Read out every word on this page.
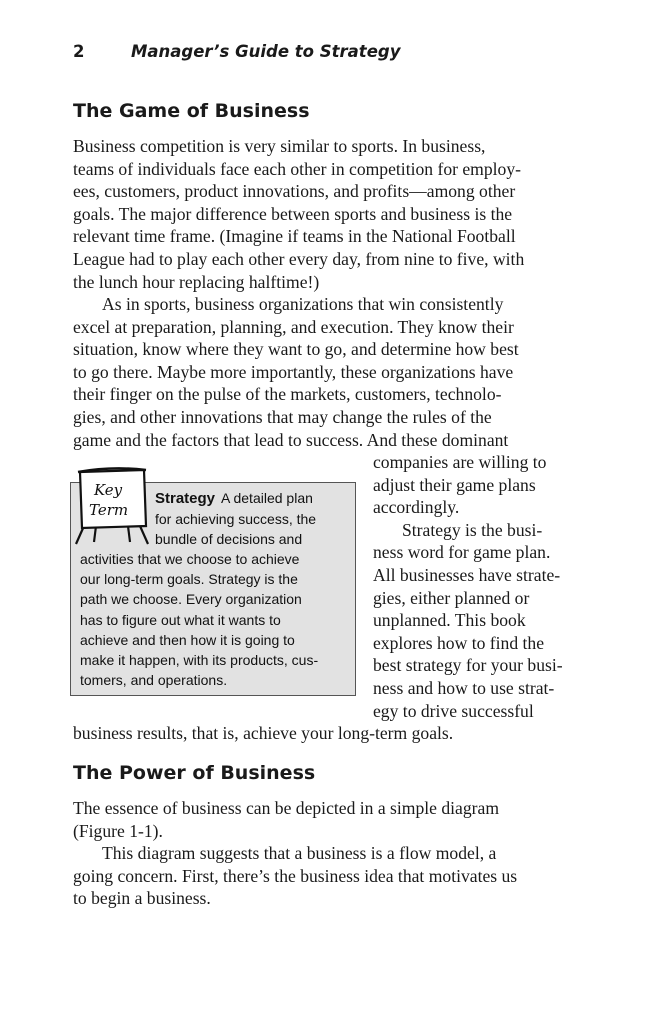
2	Manager’s Guide to Strategy
The Game of Business
Business competition is very similar to sports. In business,
teams of individuals face each other in competition for employ-
ees, customers, product innovations, and profits—among other
goals. The major difference between sports and business is the
relevant time frame. (Imagine if teams in the National Football
League had to play each other every day, from nine to five, with
the lunch hour replacing halftime!)
As in sports, business organizations that win consistently
excel at preparation, planning, and execution. They know their
situation, know where they want to go, and determine how best
to go there. Maybe more importantly, these organizations have
their finger on the pulse of the markets, customers, technolo-
gies, and other innovations that may change the rules of the
game and the factors that lead to success. And these dominant
companies are willing to
adjust their game plans
accordingly.
Strategy is the busi-
ness word for game plan.
All businesses have strate-
gies, either planned or
unplanned. This book
explores how to find the
best strategy for your busi-
ness and how to use strat-
egy to drive successful
business results, that is, achieve your long-term goals.
Key
Term
Strategy A detailed plan
for achieving success, the
bundle of decisions and
activities that we choose to achieve
our long-term goals. Strategy is the
path we choose. Every organization
has to figure out what it wants to
achieve and then how it is going to
make it happen, with its products, cus-
tomers, and operations.
The Power of Business
The essence of business can be depicted in a simple diagram
(Figure 1-1).
This diagram suggests that a business is a flow model, a
going concern. First, there’s the business idea that motivates us
to begin a business.
